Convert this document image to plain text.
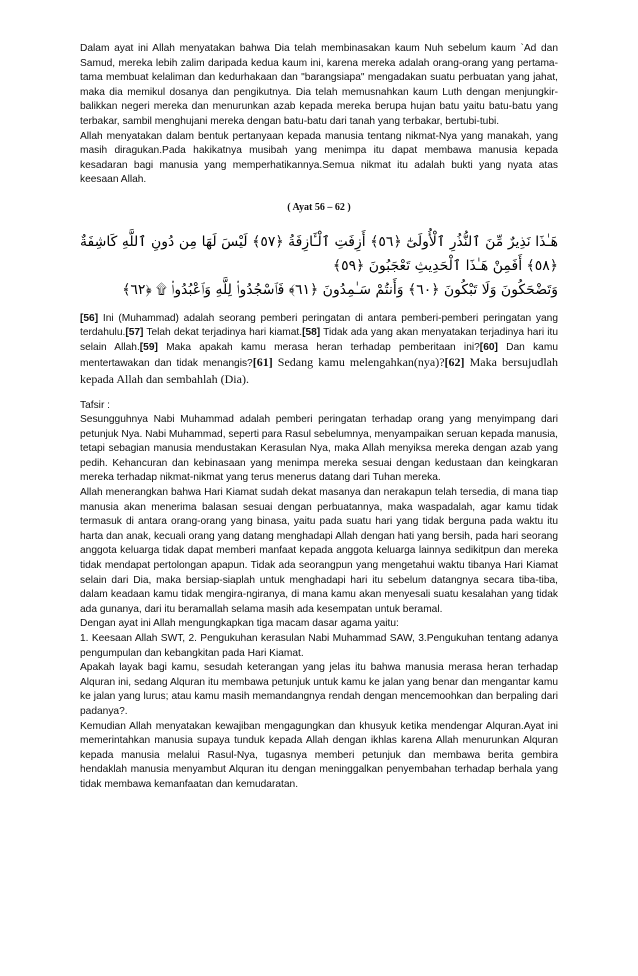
Dalam ayat ini Allah menyatakan bahwa Dia telah membinasakan kaum Nuh sebelum kaum `Ad dan Samud, mereka lebih zalim daripada kedua kaum ini, karena mereka adalah orang-orang yang pertama-tama membuat kelaliman dan kedurhakaan dan "barangsiapa" mengadakan suatu perbuatan yang jahat, maka dia memikul dosanya dan pengikutnya. Dia telah memusnahkan kaum Luth dengan menjungkir-balikkan negeri mereka dan menurunkan azab kepada mereka berupa hujan batu yaitu batu-batu yang terbakar, sambil menghujani mereka dengan batu-batu dari tanah yang terbakar, bertubi-tubi.

Allah menyatakan dalam bentuk pertanyaan kepada manusia tentang nikmat-Nya yang manakah, yang masih diragukan.Pada hakikatnya musibah yang menimpa itu dapat membawa manusia kepada kesadaran bagi manusia yang memperhatikannya.Semua nikmat itu adalah bukti yang nyata atas keesaan Allah.

( Ayat 56 – 62 )
هَـٰذَا نَذِيرٌ مِّنَ ٱلنُّذُرِ ٱلْأُولَىٰٓ ﴿٥٦﴾ أَزِفَتِ ٱلْـَٔازِفَةُ ﴿٥٧﴾ لَيْسَ لَهَا مِن دُونِ ٱللَّهِ كَاشِفَةٌ ﴿٥٨﴾ أَفَمِنْ هَـٰذَا ٱلْحَدِيثِ تَعْجَبُونَ ﴿٥٩﴾
وَتَضْحَكُونَ وَلَا تَبْكُونَ ﴿٦٠﴾ وَأَنتُمْ سَـٰمِدُونَ ﴿٦١﴾ فَٱسْجُدُوا۟ لِلَّهِ وَٱعْبُدُوا۟ ۩ ﴿٦٢﴾

[56] Ini (Muhammad) adalah seorang pemberi peringatan di antara pemberi-pemberi peringatan yang terdahulu.[57] Telah dekat terjadinya hari kiamat.[58] Tidak ada yang akan menyatakan terjadinya hari itu selain Allah.[59] Maka apakah kamu merasa heran terhadap pemberitaan ini?[60] Dan kamu mentertawakan dan tidak menangis?[61] Sedang kamu melengahkan(nya)?[62] Maka bersujudlah kepada Allah dan sembahlah (Dia).

Tafsir :

Sesungguhnya Nabi Muhammad adalah pemberi peringatan terhadap orang yang menyimpang dari petunjuk Nya. Nabi Muhammad, seperti para Rasul sebelumnya, menyampaikan seruan kepada manusia, tetapi sebagian manusia mendustakan Kerasulan Nya, maka Allah menyiksa mereka dengan azab yang pedih. Kehancuran dan kebinasaan yang menimpa mereka sesuai dengan kedustaan dan keingkaran mereka terhadap nikmat-nikmat yang terus menerus datang dari Tuhan mereka.

Allah menerangkan bahwa Hari Kiamat sudah dekat masanya dan nerakapun telah tersedia, di mana tiap manusia akan menerima balasan sesuai dengan perbuatannya, maka waspadalah, agar kamu tidak termasuk di antara orang-orang yang binasa, yaitu pada suatu hari yang tidak berguna pada waktu itu harta dan anak, kecuali orang yang datang menghadapi Allah dengan hati yang bersih, pada hari seorang anggota keluarga tidak dapat memberi manfaat kepada anggota keluarga lainnya sedikitpun dan mereka tidak mendapat pertolongan apapun. Tidak ada seorangpun yang mengetahui waktu tibanya Hari Kiamat selain dari Dia, maka bersiap-siaplah untuk menghadapi hari itu sebelum datangnya secara tiba-tiba, dalam keadaan kamu tidak mengira-ngiranya, di mana kamu akan menyesali suatu kesalahan yang tidak ada gunanya, dari itu beramallah selama masih ada kesempatan untuk beramal.

Dengan ayat ini Allah mengungkapkan tiga macam dasar agama yaitu:

1. Keesaan Allah SWT, 2. Pengukuhan kerasulan Nabi Muhammad SAW, 3.Pengukuhan tentang adanya pengumpulan dan kebangkitan pada Hari Kiamat.

Apakah layak bagi kamu, sesudah keterangan yang jelas itu bahwa manusia merasa heran terhadap Alquran ini, sedang Alquran itu membawa petunjuk untuk kamu ke jalan yang benar dan mengantar kamu ke jalan yang lurus; atau kamu masih memandangnya rendah dengan mencemoohkan dan berpaling dari padanya?.

Kemudian Allah menyatakan kewajiban mengagungkan dan khusyuk ketika mendengar Alquran.Ayat ini memerintahkan manusia supaya tunduk kepada Allah dengan ikhlas karena Allah menurunkan Alquran kepada manusia melalui Rasul-Nya, tugasnya memberi petunjuk dan membawa berita gembira hendaklah manusia menyambut Alquran itu dengan meninggalkan penyembahan terhadap berhala yang tidak membawa kemanfaatan dan kemudaratan.
